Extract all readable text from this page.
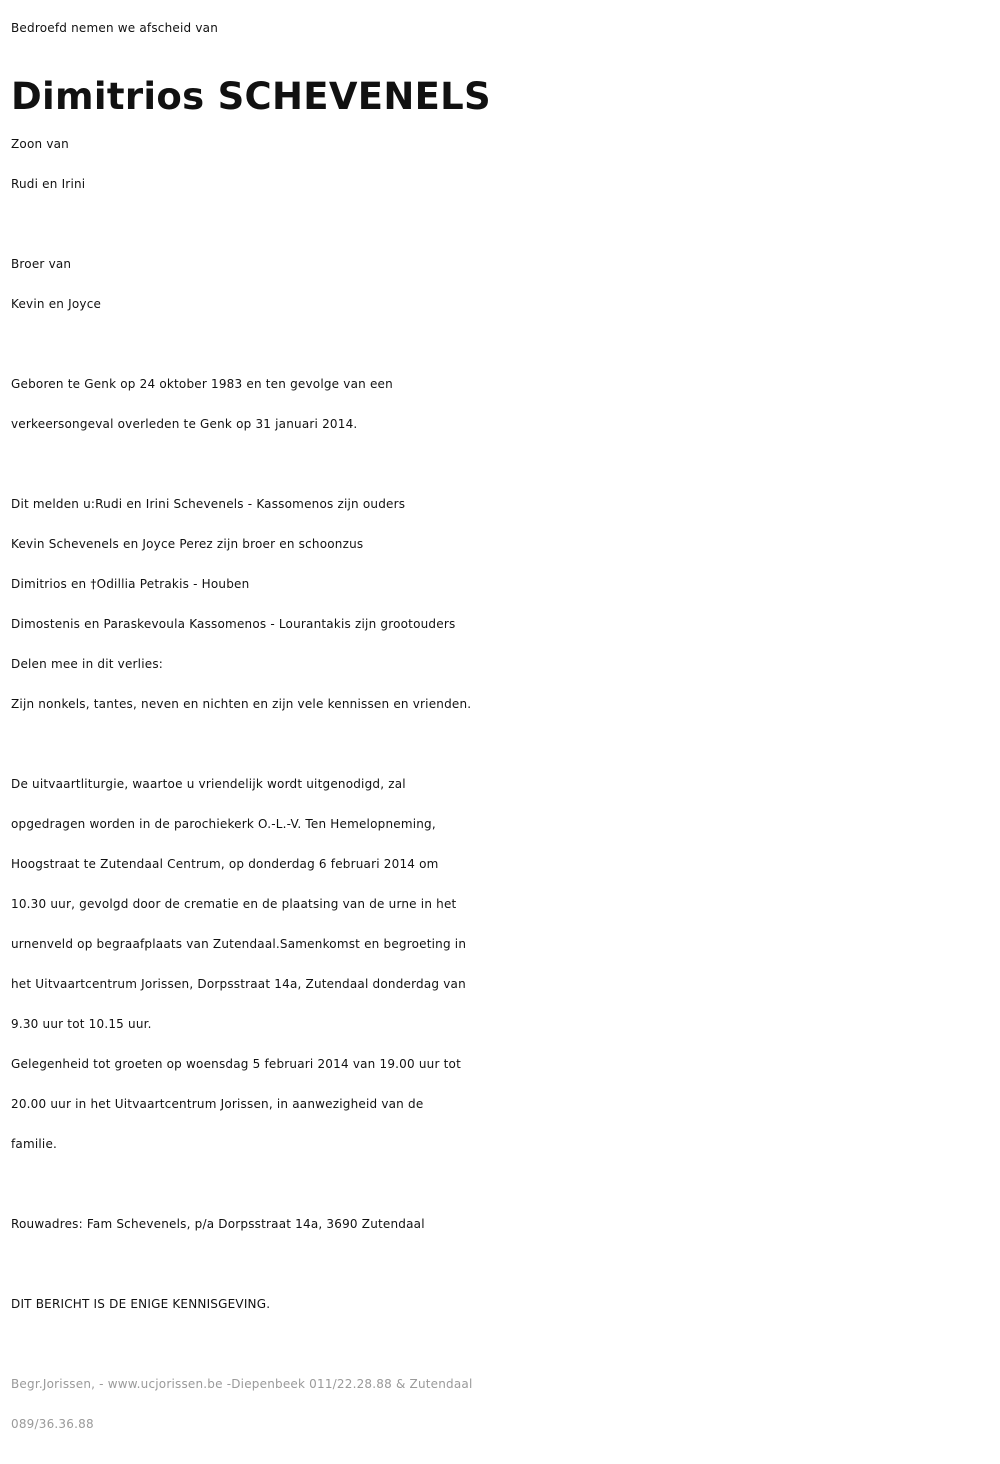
Bedroefd nemen we afscheid van
Dimitrios SCHEVENELS
Zoon van
Rudi en Irini
Broer van
Kevin en Joyce
Geboren te Genk op 24 oktober 1983 en ten gevolge van een
verkeersongeval overleden te Genk op 31 januari 2014.
Dit melden u:Rudi en Irini Schevenels - Kassomenos zijn ouders
Kevin Schevenels en Joyce Perez zijn broer en schoonzus
Dimitrios en †Odillia Petrakis - Houben
Dimostenis en Paraskevoula Kassomenos - Lourantakis zijn grootouders
Delen mee in dit verlies:
Zijn nonkels, tantes, neven en nichten en zijn vele kennissen en vrienden.
De uitvaartliturgie, waartoe u vriendelijk wordt uitgenodigd, zal
opgedragen worden in de parochiekerk O.-L.-V. Ten Hemelopneming,
Hoogstraat te Zutendaal Centrum, op donderdag 6 februari 2014 om
10.30 uur, gevolgd door de crematie en de plaatsing van de urne in het
urnenveld op begraafplaats van Zutendaal.Samenkomst en begroeting in
het Uitvaartcentrum Jorissen, Dorpsstraat 14a, Zutendaal donderdag van
9.30 uur tot 10.15 uur.
Gelegenheid tot groeten op woensdag 5 februari 2014 van 19.00 uur tot
20.00 uur in het Uitvaartcentrum Jorissen, in aanwezigheid van de
familie.
Rouwadres: Fam Schevenels, p/a Dorpsstraat 14a, 3690 Zutendaal
DIT BERICHT IS DE ENIGE KENNISGEVING.
Begr.Jorissen, - www.ucjorissen.be -Diepenbeek 011/22.28.88 & Zutendaal
089/36.36.88
